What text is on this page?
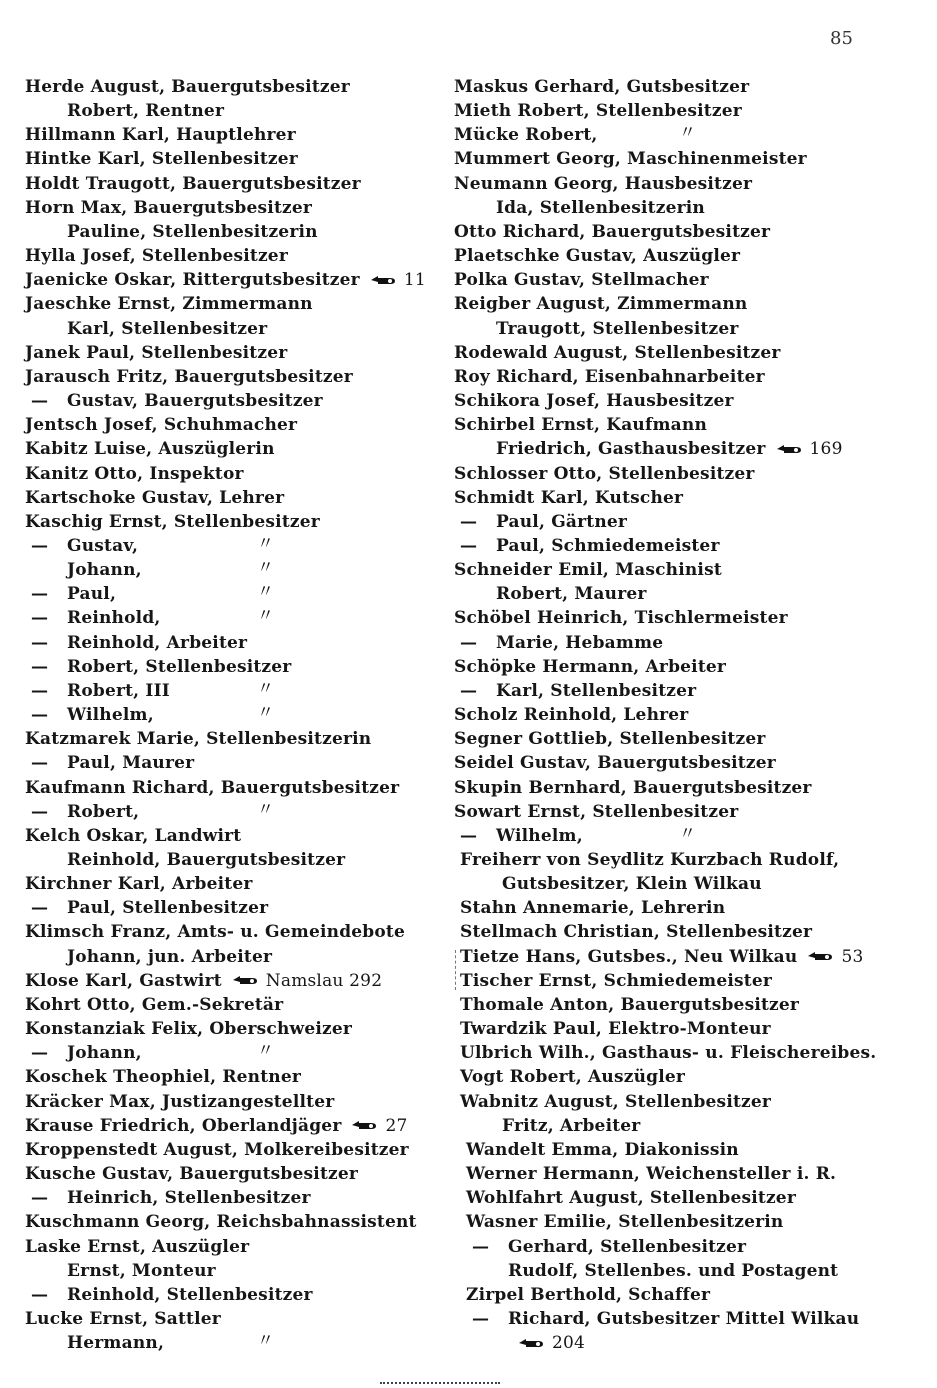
85
Herde August, Bauergutsbesitzer
Robert, Rentner
Hillmann Karl, Hauptlehrer
Hintke Karl, Stellenbesitzer
Holdt Traugott, Bauergutsbesitzer
Horn Max, Bauergutsbesitzer
Pauline, Stellenbesitzerin
Hylla Josef, Stellenbesitzer
Jaenicke Oskar, Rittergutsbesitzer	11
Jaeschke Ernst, Zimmermann
Karl, Stellenbesitzer
Janek Paul, Stellenbesitzer
Jarausch Fritz, Bauergutsbesitzer
— Gustav, Bauergutsbesitzer
Jentsch Josef, Schuhmacher
Kabitz Luise, Auszüglerin
Kanitz Otto, Inspektor
Kartschoke Gustav, Lehrer
Kaschig Ernst, Stellenbesitzer
— Gustav,	〃
Johann,	〃
— Paul,	〃
— Reinhold,	〃
— Reinhold, Arbeiter
— Robert, Stellenbesitzer
— Robert, III	〃
— Wilhelm,	〃
Katzmarek Marie, Stellenbesitzerin
— Paul, Maurer
Kaufmann Richard, Bauergutsbesitzer
— Robert,	〃
Kelch Oskar, Landwirt
Reinhold, Bauergutsbesitzer
Kirchner Karl, Arbeiter
— Paul, Stellenbesitzer
Klimsch Franz, Amts- u. Gemeindebote
Johann, jun. Arbeiter
Klose Karl, Gastwirt	Namslau 292
Kohrt Otto, Gem.-Sekretär
Konstanziak Felix, Oberschweizer
— Johann,	〃
Koschek Theophiel, Rentner
Kräcker Max, Justizangestellter
Krause Friedrich, Oberlandjäger	27
Kroppenstedt August, Molkereibesitzer
Kusche Gustav, Bauergutsbesitzer
— Heinrich, Stellenbesitzer
Kuschmann Georg, Reichsbahnassistent
Laske Ernst, Auszügler
Ernst, Monteur
— Reinhold, Stellenbesitzer
Lucke Ernst, Sattler
Hermann,	〃
Maskus Gerhard, Gutsbesitzer
Mieth Robert, Stellenbesitzer
Mücke Robert,	〃
Mummert Georg, Maschinenmeister
Neumann Georg, Hausbesitzer
Ida, Stellenbesitzerin
Otto Richard, Bauergutsbesitzer
Plaetschke Gustav, Auszügler
Polka Gustav, Stellmacher
Reigber August, Zimmermann
Traugott, Stellenbesitzer
Rodewald August, Stellenbesitzer
Roy Richard, Eisenbahnarbeiter
Schikora Josef, Hausbesitzer
Schirbel Ernst, Kaufmann
Friedrich, Gasthausbesitzer	169
Schlosser Otto, Stellenbesitzer
Schmidt Karl, Kutscher
— Paul, Gärtner
— Paul, Schmiedemeister
Schneider Emil, Maschinist
Robert, Maurer
Schöbel Heinrich, Tischlermeister
— Marie, Hebamme
Schöpke Hermann, Arbeiter
— Karl, Stellenbesitzer
Scholz Reinhold, Lehrer
Segner Gottlieb, Stellenbesitzer
Seidel Gustav, Bauergutsbesitzer
Skupin Bernhard, Bauergutsbesitzer
Sowart Ernst, Stellenbesitzer
— Wilhelm,	〃
Freiherr von Seydlitz Kurzbach Rudolf,
Gutsbesitzer, Klein Wilkau
Stahn Annemarie, Lehrerin
Stellmach Christian, Stellenbesitzer
Tietze Hans, Gutsbes., Neu Wilkau	53
Tischer Ernst, Schmiedemeister
Thomale Anton, Bauergutsbesitzer
Twardzik Paul, Elektro-Monteur
Ulbrich Wilh., Gasthaus- u. Fleischereibes.
Vogt Robert, Auszügler
Wabnitz August, Stellenbesitzer
Fritz, Arbeiter
Wandelt Emma, Diakonissin
Werner Hermann, Weichensteller i. R.
Wohlfahrt August, Stellenbesitzer
Wasner Emilie, Stellenbesitzerin
— Gerhard, Stellenbesitzer
Rudolf, Stellenbes. und Postagent
Zirpel Berthold, Schaffer
— Richard, Gutsbesitzer Mittel Wilkau
204
